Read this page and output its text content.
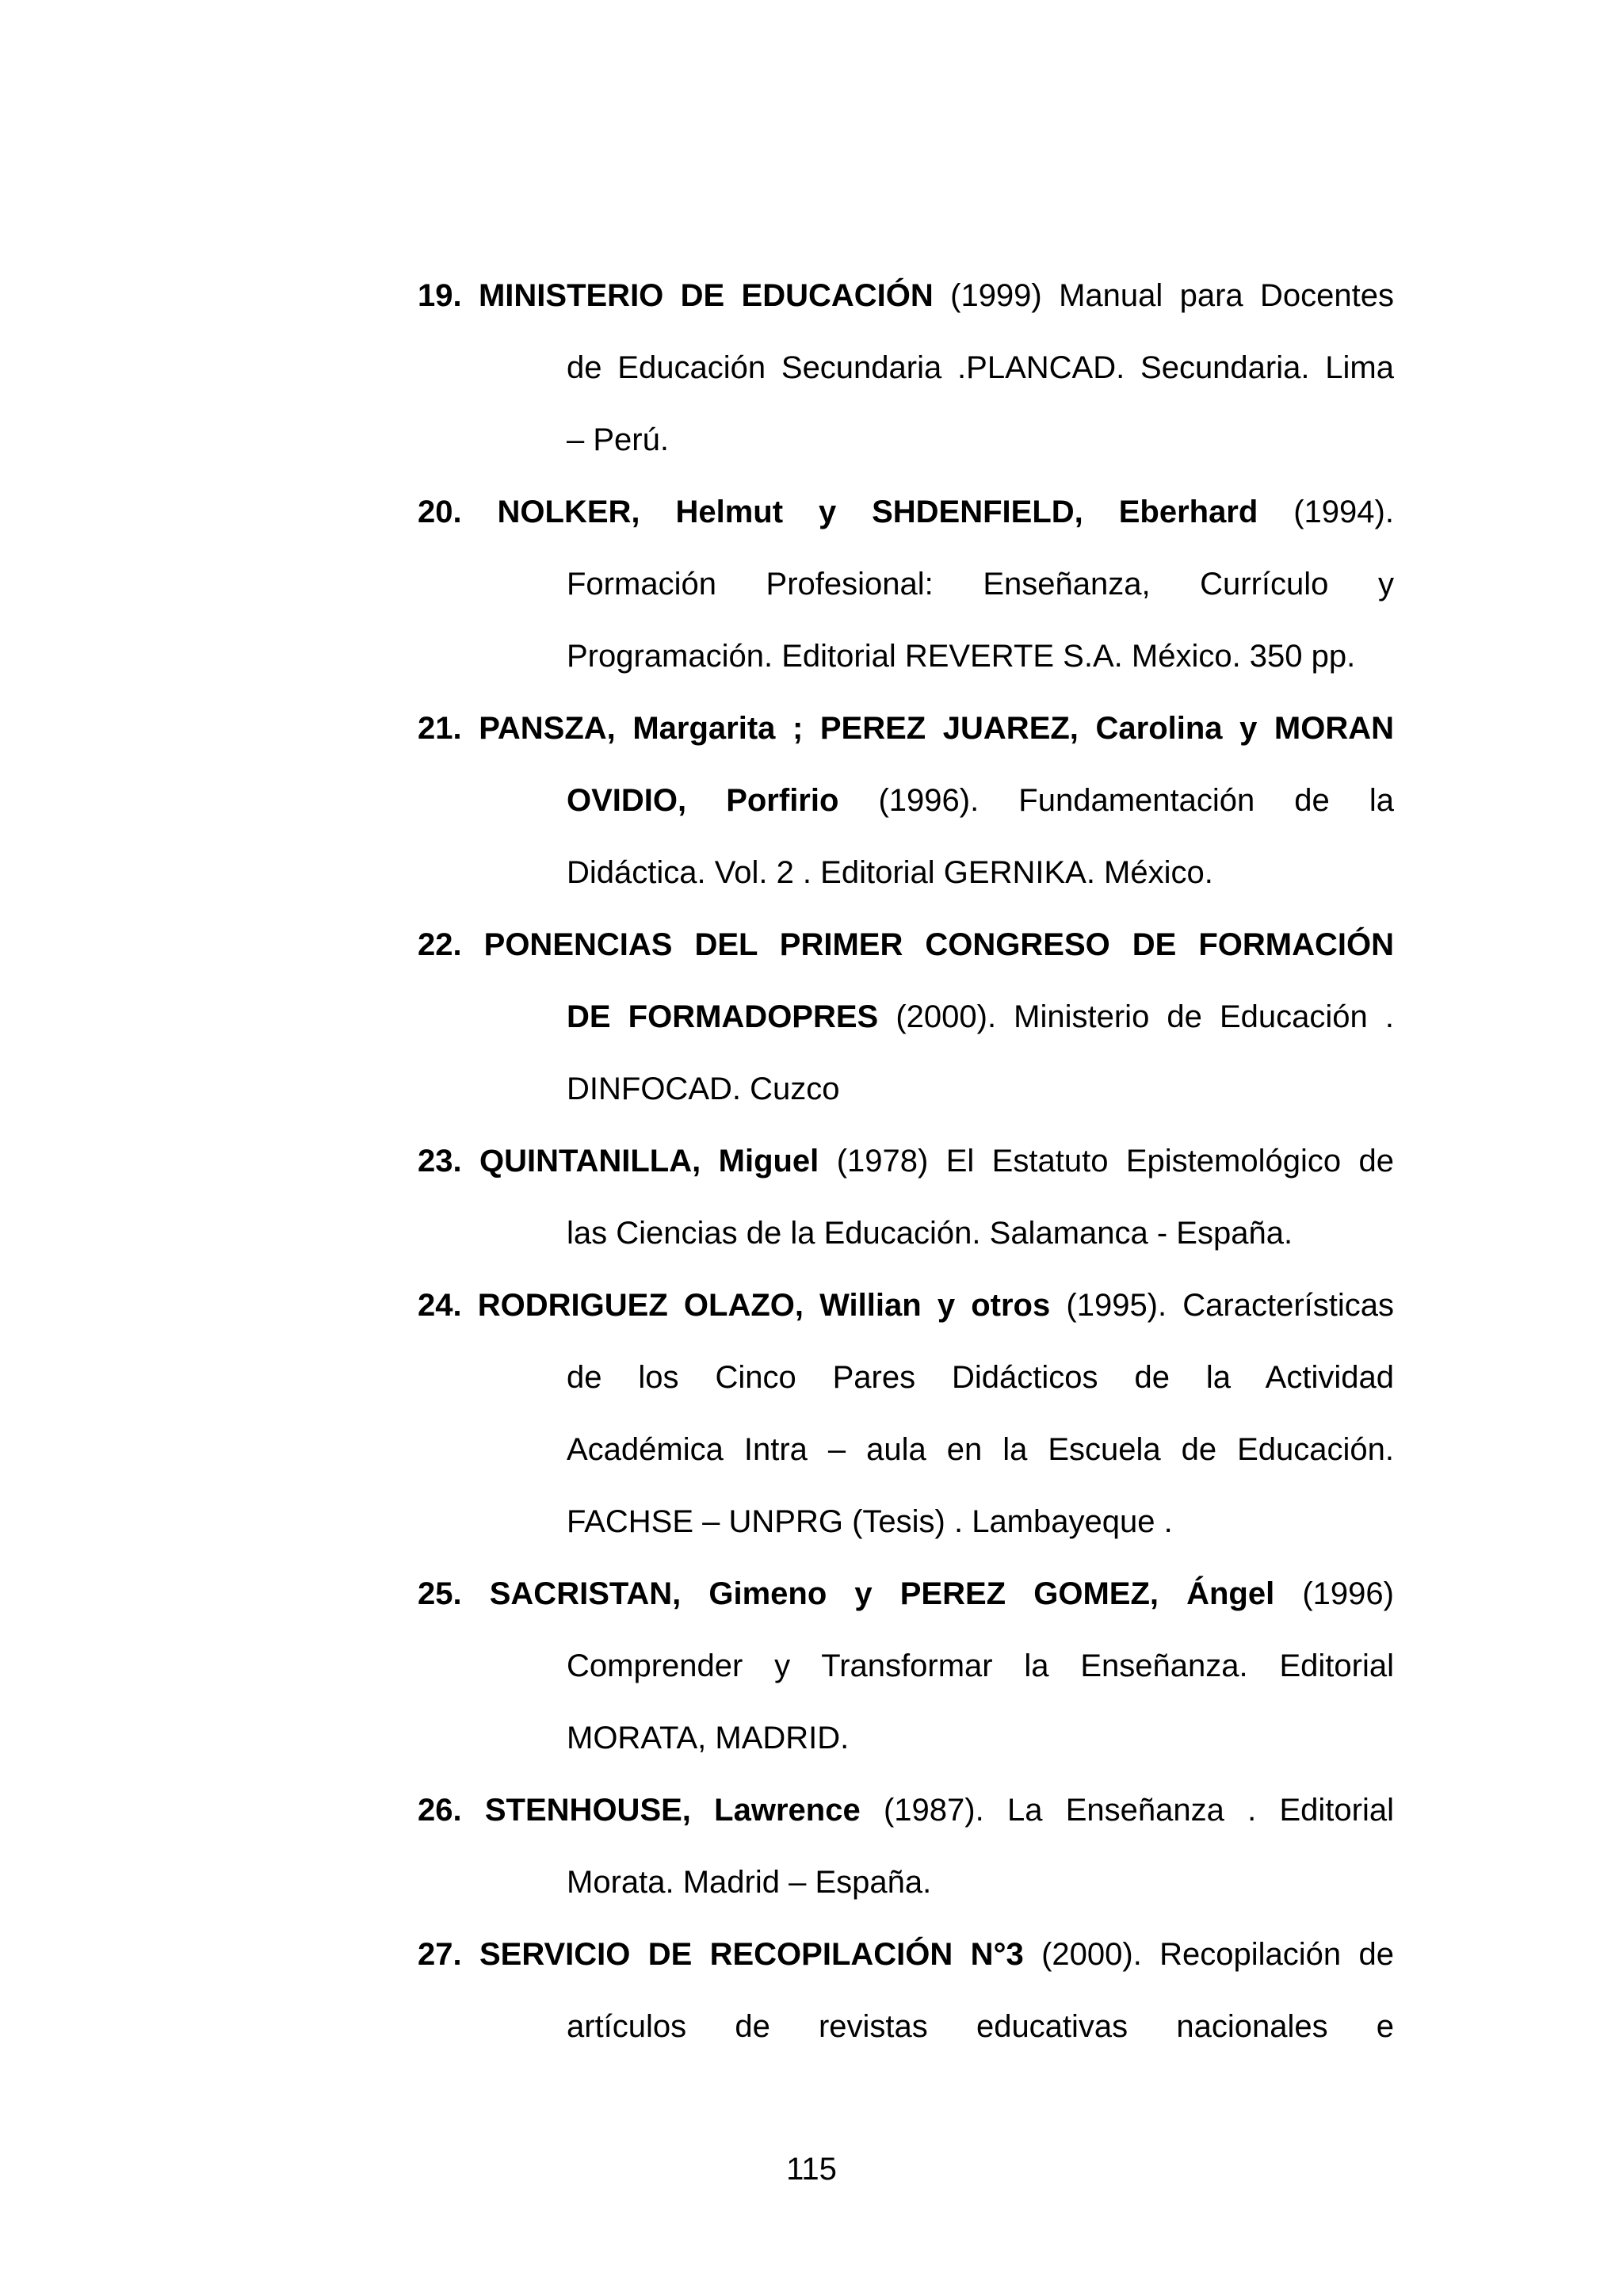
19. MINISTERIO DE EDUCACIÓN (1999) Manual para Docentes
de Educación Secundaria .PLANCAD. Secundaria. Lima
– Perú.
20. NOLKER, Helmut y SHDENFIELD, Eberhard (1994).
Formación Profesional: Enseñanza, Currículo y
Programación. Editorial REVERTE S.A. México. 350 pp.
21. PANSZA, Margarita ; PEREZ JUAREZ, Carolina y MORAN
OVIDIO, Porfirio (1996). Fundamentación de la
Didáctica. Vol. 2 . Editorial GERNIKA. México.
22. PONENCIAS DEL PRIMER CONGRESO DE FORMACIÓN
DE FORMADOPRES (2000). Ministerio de Educación .
DINFOCAD. Cuzco
23. QUINTANILLA, Miguel (1978) El Estatuto Epistemológico de
las Ciencias de la Educación. Salamanca - España.
24. RODRIGUEZ OLAZO, Willian y otros (1995). Características
de los Cinco Pares Didácticos de la Actividad
Académica Intra – aula en la Escuela de Educación.
FACHSE – UNPRG (Tesis) . Lambayeque .
25. SACRISTAN, Gimeno y PEREZ GOMEZ, Ángel (1996)
Comprender y Transformar la Enseñanza. Editorial
MORATA, MADRID.
26. STENHOUSE, Lawrence (1987). La Enseñanza . Editorial
Morata. Madrid – España.
27. SERVICIO DE RECOPILACIÓN N°3 (2000). Recopilación de
artículos de revistas educativas nacionales e
115
